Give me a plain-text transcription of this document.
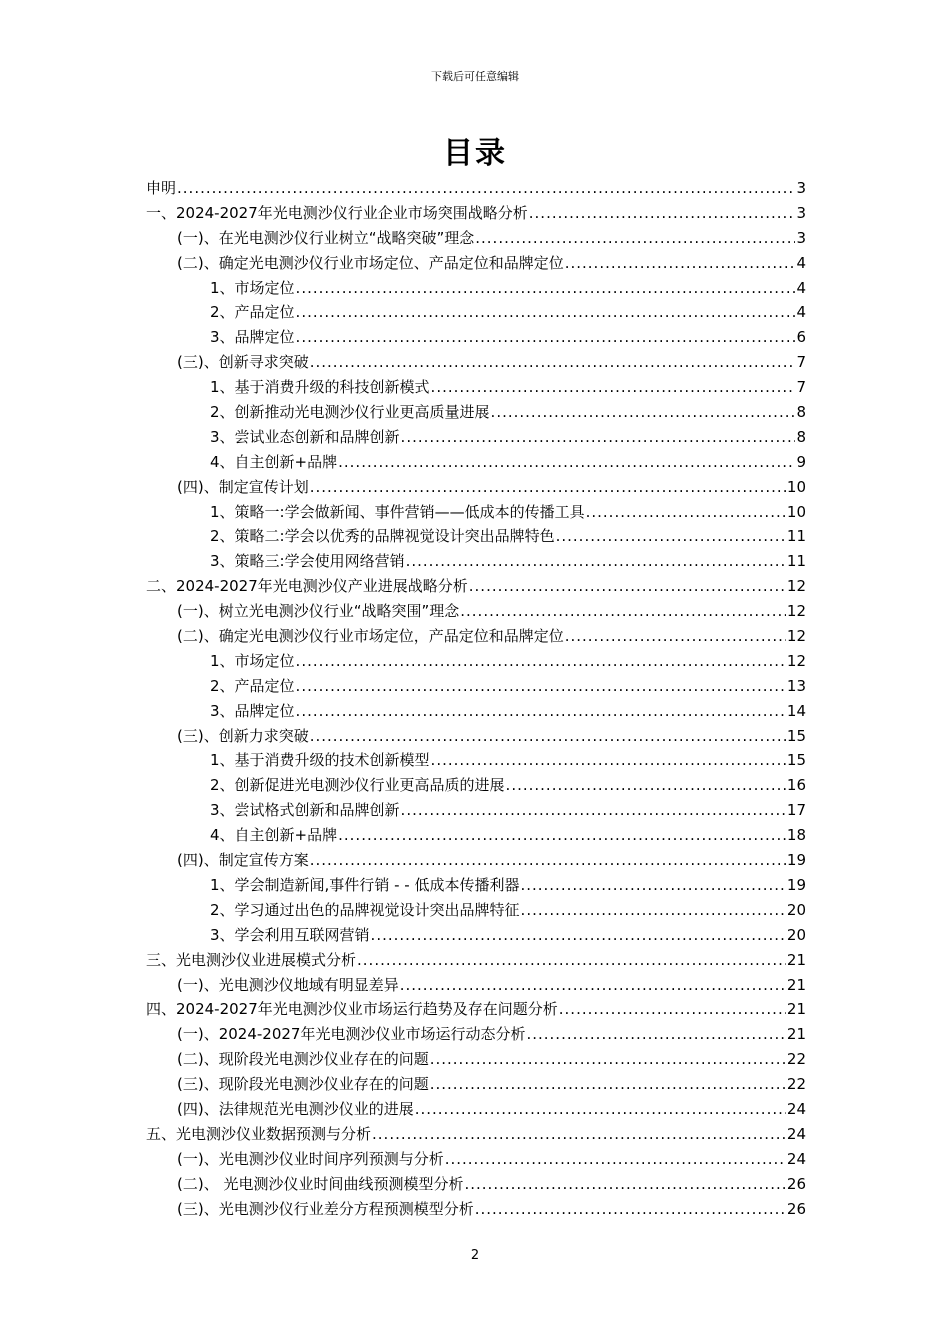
下载后可任意编辑
目录
申明 .....	3
一、2024-2027年光电测沙仪行业企业市场突围战略分析 .....	3
(一)、在光电测沙仪行业树立“战略突破”理念 .....	3
(二)、确定光电测沙仪行业市场定位、产品定位和品牌定位 .....	4
1、市场定位 .....	4
2、产品定位 .....	4
3、品牌定位 .....	6
(三)、创新寻求突破 .....	7
1、基于消费升级的科技创新模式 .....	7
2、创新推动光电测沙仪行业更高质量进展 .....	8
3、尝试业态创新和品牌创新 .....	8
4、自主创新+品牌 .....	9
(四)、制定宣传计划 .....	10
1、策略一:学会做新闻、事件营销——低成本的传播工具 .....	10
2、策略二:学会以优秀的品牌视觉设计突出品牌特色 .....	11
3、策略三:学会使用网络营销 .....	11
二、2024-2027年光电测沙仪产业进展战略分析 .....	12
(一)、树立光电测沙仪行业“战略突围”理念 .....	12
(二)、确定光电测沙仪行业市场定位，产品定位和品牌定位 .....	12
1、市场定位 .....	12
2、产品定位 .....	13
3、品牌定位 .....	14
(三)、创新力求突破 .....	15
1、基于消费升级的技术创新模型 .....	15
2、创新促进光电测沙仪行业更高品质的进展 .....	16
3、尝试格式创新和品牌创新 .....	17
4、自主创新+品牌 .....	18
(四)、制定宣传方案 .....	19
1、学会制造新闻,事件行销 - - 低成本传播利器 .....	19
2、学习通过出色的品牌视觉设计突出品牌特征 .....	20
3、学会利用互联网营销 .....	20
三、光电测沙仪业进展模式分析 .....	21
(一)、光电测沙仪地域有明显差异 .....	21
四、2024-2027年光电测沙仪业市场运行趋势及存在问题分析 .....	21
(一)、2024-2027年光电测沙仪业市场运行动态分析 .....	21
(二)、现阶段光电测沙仪业存在的问题 .....	22
(三)、现阶段光电测沙仪业存在的问题 .....	22
(四)、法律规范光电测沙仪业的进展 .....	24
五、光电测沙仪业数据预测与分析 .....	24
(一)、光电测沙仪业时间序列预测与分析 .....	24
(二)、 光电测沙仪业时间曲线预测模型分析 .....	26
(三)、光电测沙仪行业差分方程预测模型分析 .....	26
2
